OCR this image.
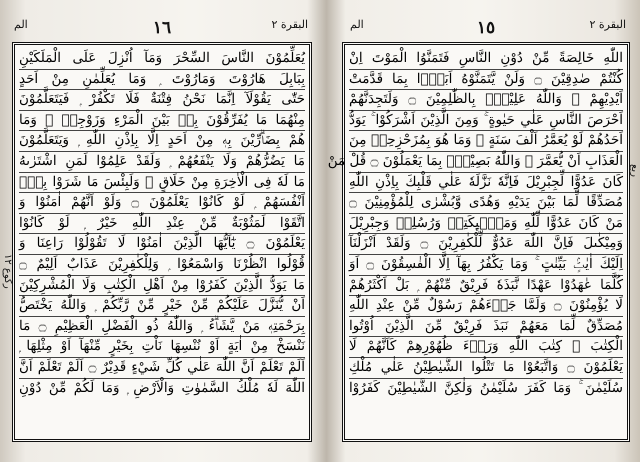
الم	١٦	البقرة ٢
يُعَلِّمُوْنَ النَّاسَ السِّحْرَ وَمَآ اُنْزِلَ عَلَى الْمَلَكَيْنِ
بِبَابِلَ هَارُوْتَ وَمَارُوْتَ ۭ وَمَا يُعَلِّمٰنِ مِنْ اَحَدٍ
حَتّٰى يَقُوْلَآ اِنَّمَا نَحْنُ فِتْنَةٌ فَلَا تَكْفُرْ ۭ فَيَتَعَلَّمُوْنَ
مِنْهُمَا مَا يُفَرِّقُوْنَ بِهٖ بَيْنَ الْمَرْءِ وَزَوْجِهٖ ۭ وَمَا
هُمْ بِضَاۗرِّيْنَ بِهٖ مِنْ اَحَدٍ اِلَّا بِاِذْنِ اللّٰهِ ۭ وَيَتَعَلَّمُوْنَ
مَا يَضُرُّھُمْ وَلَا يَنْفَعُھُمْ ۭ وَلَقَدْ عَلِمُوْا لَمَنِ اشْتَرٰىهُ
مَا لَهٗ فِى الْاٰخِرَةِ مِنْ خَلَاقٍ ۭ وَلَبِئْسَ مَا شَرَوْا بِهٖٓ
اَنْفُسَھُمْ ۭ لَوْ كَانُوْا يَعْلَمُوْنَ ۝ وَلَوْ اَنَّھُمْ اٰمَنُوْا وَ
اتَّقَوْا لَمَثُوْبَةٌ مِّنْ عِنْدِ اللّٰهِ خَيْرٌ ۭ لَوْ كَانُوْا
يَعْلَمُوْنَ ۝ يٰٓاَيُّهَا الَّذِيْنَ اٰمَنُوْا لَا تَقُوْلُوْا رَاعِنَا وَ
قُوْلُوا انْظُرْنَا وَاسْمَعُوْا ۭ وَلِلْكٰفِرِيْنَ عَذَابٌ اَلِيْمٌ ۝
مَا يَوَدُّ الَّذِيْنَ كَفَرُوْا مِنْ اَھْلِ الْكِتٰبِ وَلَا الْمُشْرِكِيْنَ
اَنْ يُّنَزَّلَ عَلَيْكُمْ مِّنْ خَيْرٍ مِّنْ رَّبِّكُمْ ۭ وَاللّٰهُ يَخْتَصُّ
بِرَحْمَتِهٖ مَنْ يَّشَاۗءُ ۭ وَاللّٰهُ ذُو الْفَضْلِ الْعَظِيْمِ ۝ مَا
نَنْسَخْ مِنْ اٰيَةٍ اَوْ نُنْسِهَا نَاْتِ بِخَيْرٍ مِّنْهَآ اَوْ مِثْلِهَا ۭ
اَلَمْ تَعْلَمْ اَنَّ اللّٰهَ عَلٰي كُلِّ شَيْءٍ قَدِيْرٌ ۝ اَلَمْ تَعْلَمْ اَنَّ
اللّٰهَ لَهٗ مُلْكُ السَّمٰوٰتِ وَالْاَرْضِ ۭ وَمَا لَكُمْ مِّنْ دُوْنِ
ركوع ١٢
الم	١٥	البقرة ٢
اللّٰهِ خَالِصَةً مِّنْ دُوْنِ النَّاسِ فَتَمَنَّوُا الْمَوْتَ اِنْ
كُنْتُمْ صٰدِقِيْنَ ۝ وَلَنْ يَّتَمَنَّوْهُ اَبَدًۢا بِمَا قَدَّمَتْ
اَيْدِيْهِمْ ۭ وَاللّٰهُ عَلِيْمٌۢ بِالظّٰلِمِيْنَ ۝ وَلَتَجِدَنَّھُمْ
اَحْرَصَ النَّاسِ عَلٰي حَيٰوةٍ ۚ وَمِنَ الَّذِيْنَ اَشْرَكُوْا ۚ يَوَدُّ
اَحَدُھُمْ لَوْ يُعَمَّرُ اَلْفَ سَنَةٍ ۚ وَمَا ھُوَ بِمُزَحْزِحِهٖ مِنَ
الْعَذَابِ اَنْ يُّعَمَّرَ ۭ وَاللّٰهُ بَصِيْرٌۢ بِمَا يَعْمَلُوْنَ ۝ قُلْ مَنْ
كَانَ عَدُوًّا لِّجِبْرِيْلَ فَاِنَّهٗ نَزَّلَهٗ عَلٰي قَلْبِكَ بِاِذْنِ اللّٰهِ
مُصَدِّقًا لِّمَا بَيْنَ يَدَيْهِ وَھُدًى وَّبُشْرٰى لِلْمُؤْمِنِيْنَ ۝
مَنْ كَانَ عَدُوًّا لِّلّٰهِ وَمَلٰۗىِٕكَتِهٖ وَرُسُلِهٖ وَجِبْرِيْلَ
وَمِيْكٰىلَ فَاِنَّ اللّٰهَ عَدُوٌّ لِّلْكٰفِرِيْنَ ۝ وَلَقَدْ اَنْزَلْنَآ
اِلَيْكَ اٰيٰتٍۢ بَيِّنٰتٍ ۚ وَمَا يَكْفُرُ بِهَآ اِلَّا الْفٰسِقُوْنَ ۝ اَوَ
كُلَّمَا عٰھَدُوْا عَهْدًا نَّبَذَهٗ فَرِيْقٌ مِّنْھُمْ ۭ بَلْ اَكْثَرُھُمْ
لَا يُؤْمِنُوْنَ ۝ وَلَمَّا جَاۗءَھُمْ رَسُوْلٌ مِّنْ عِنْدِ اللّٰهِ
مُصَدِّقٌ لِّمَا مَعَھُمْ نَبَذَ فَرِيْقٌ مِّنَ الَّذِيْنَ اُوْتُوا
الْكِتٰبَ ۙ كِتٰبَ اللّٰهِ وَرَاۗءَ ظُهُوْرِھِمْ كَاَنَّھُمْ لَا
يَعْلَمُوْنَ ۝ وَاتَّبَعُوْا مَا تَتْلُوا الشَّيٰطِيْنُ عَلٰي مُلْكِ
سُلَيْمٰنَ ۚ وَمَا كَفَرَ سُلَيْمٰنُ وَلٰكِنَّ الشَّيٰطِيْنَ كَفَرُوْا
ربع
